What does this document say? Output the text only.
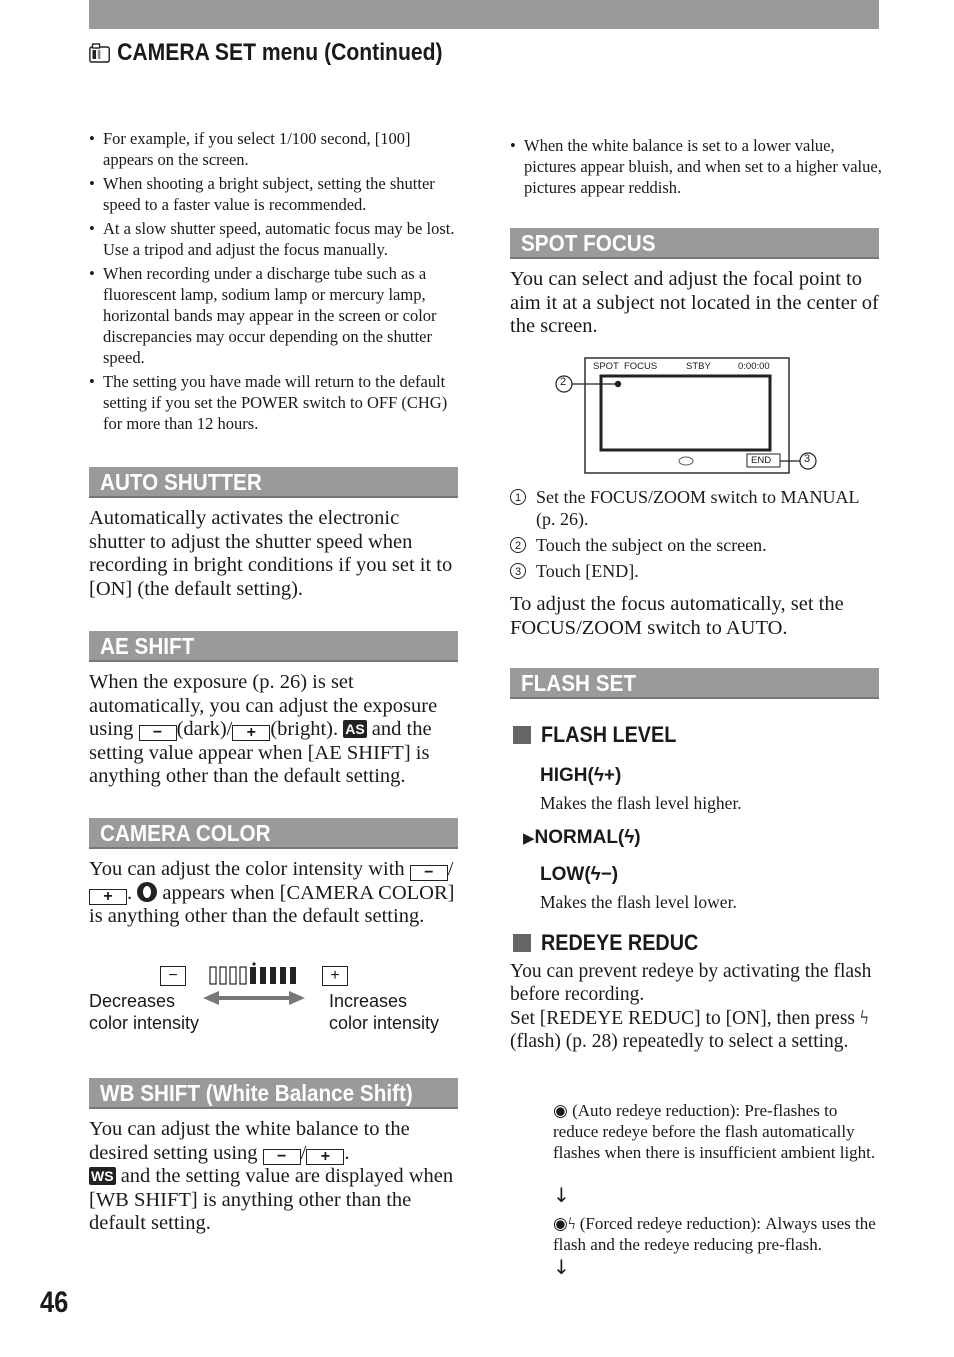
CAMERA SET menu (Continued)
• For example, if you select 1/100 second, [100] appears on the screen.
• When shooting a bright subject, setting the shutter speed to a faster value is recommended.
• At a slow shutter speed, automatic focus may be lost. Use a tripod and adjust the focus manually.
• When recording under a discharge tube such as a fluorescent lamp, sodium lamp or mercury lamp, horizontal bands may appear in the screen or color discrepancies may occur depending on the shutter speed.
• The setting you have made will return to the default setting if you set the POWER switch to OFF (CHG) for more than 12 hours.
AUTO SHUTTER

Automatically activates the electronic shutter to adjust the shutter speed when recording in bright conditions if you set it to [ON] (the default setting).

AE SHIFT

When the exposure (p. 26) is set automatically, you can adjust the exposure using − (dark)/ + (bright). AS and the setting value appear when [AE SHIFT] is anything other than the default setting.

CAMERA COLOR

You can adjust the color intensity with − /+ .  appears when [CAMERA COLOR] is anything other than the default setting.

−	+
Decreases
color intensity
Increases
color intensity
WB SHIFT (White Balance Shift)

You can adjust the white balance to the desired setting using − / + .
WS and the setting value are displayed when [WB SHIFT] is anything other than the default setting.

• When the white balance is set to a lower value, pictures appear bluish, and when set to a higher value, pictures appear reddish.
SPOT FOCUS

You can select and adjust the focal point to aim it at a subject not located in the center of the screen.

SPOT  FOCUS	STBY	0:00:00
END
2
3
1 Set the FOCUS/ZOOM switch to MANUAL (p. 26).
2 Touch the subject on the screen.
3 Touch [END].

To adjust the focus automatically, set the FOCUS/ZOOM switch to AUTO.

FLASH SET
FLASH LEVEL
HIGH(ϟ+)
Makes the flash level higher.
▶NORMAL(ϟ)
LOW(ϟ−)
Makes the flash level lower.
REDEYE REDUC

You can prevent redeye by activating the flash before recording.
Set [REDEYE REDUC] to [ON], then press ϟ (flash) (p. 28) repeatedly to select a setting.

◉ (Auto redeye reduction): Pre-flashes to reduce redeye before the flash automatically flashes when there is insufficient ambient light.
↓
◉ϟ (Forced redeye reduction): Always uses the flash and the redeye reducing pre-flash.
↓
46
